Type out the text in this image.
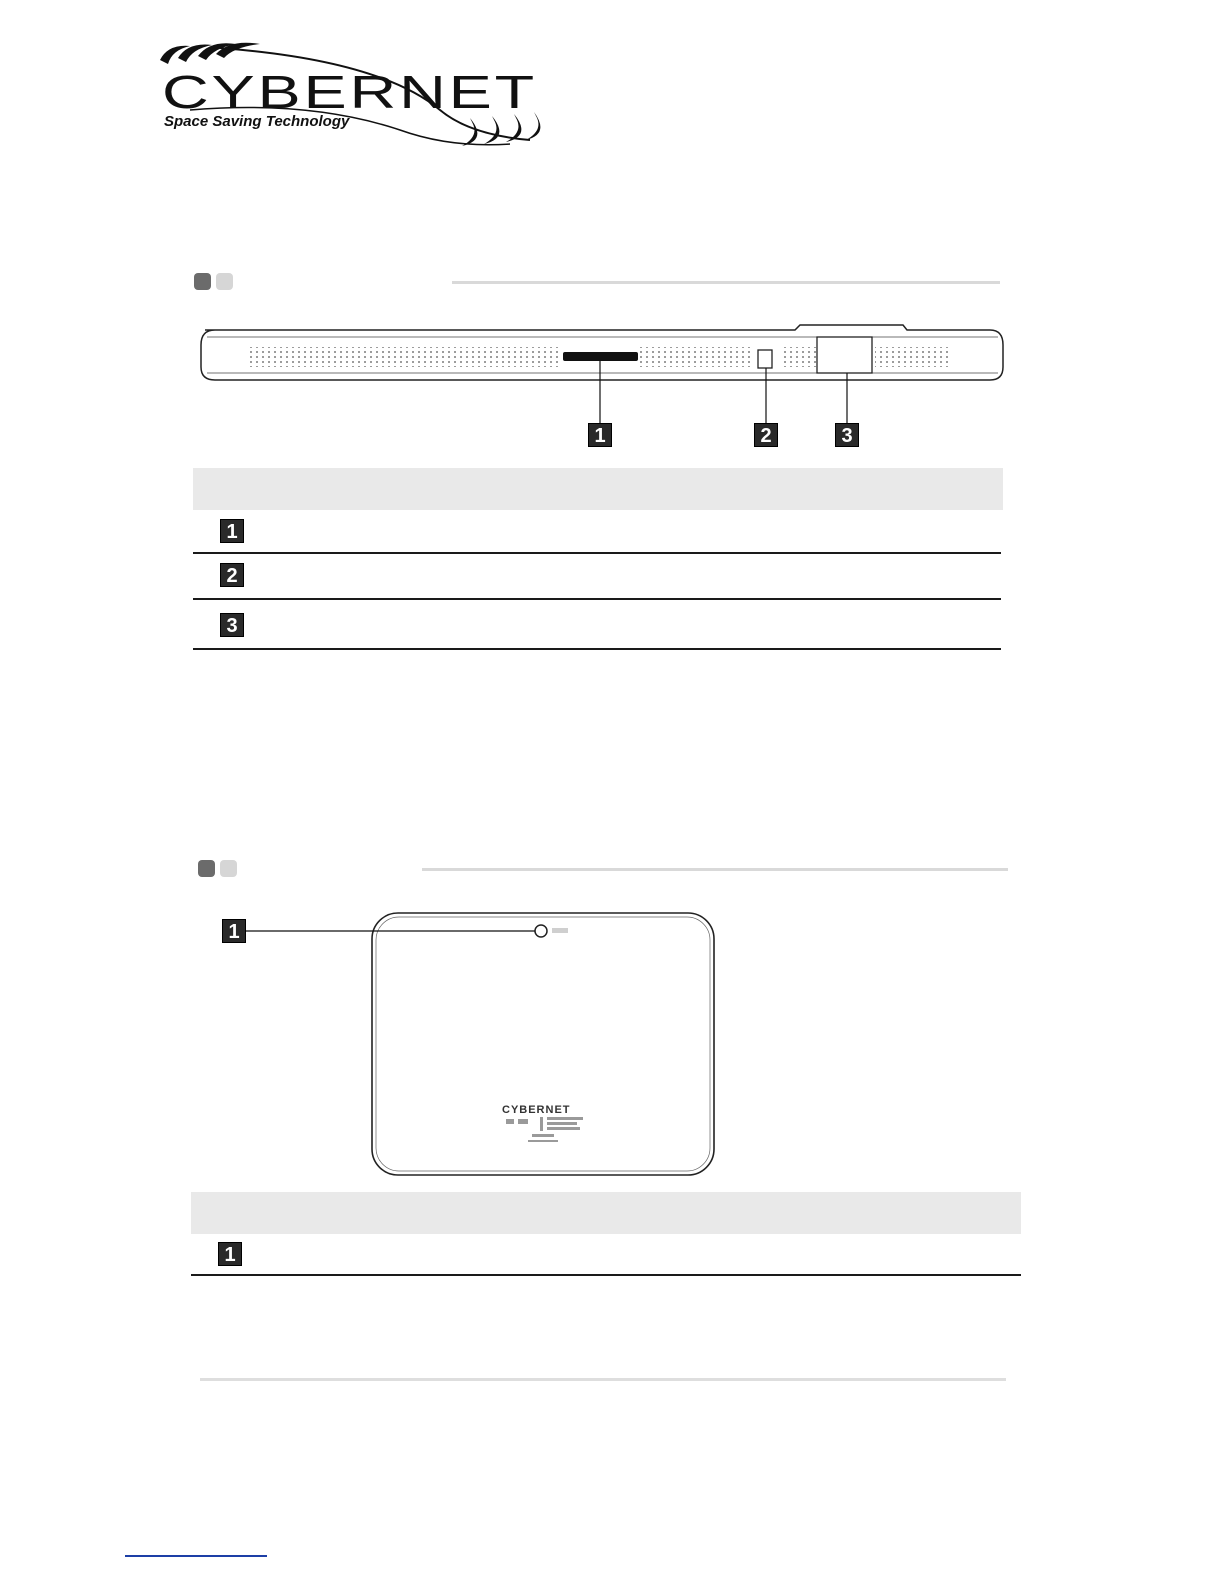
CYBERNET
Space Saving Technology
1	2	3
1
2
3
CYBERNET
1
1
